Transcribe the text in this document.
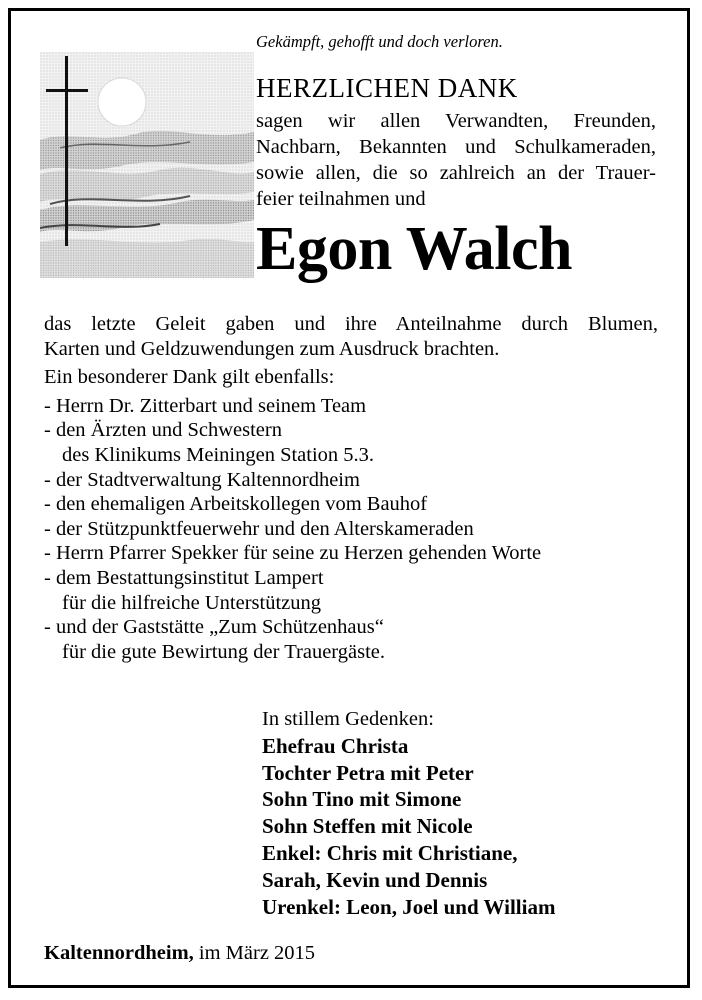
Gekämpft, gehofft und doch verloren.
HERZLICHEN DANK
sagen wir allen Verwandten, Freunden,
Nachbarn, Bekannten und Schulkameraden,
sowie allen, die so zahlreich an der Trauer-
feier teilnahmen und
Egon Walch
das letzte Geleit gaben und ihre Anteilnahme durch Blumen,
Karten und Geldzuwendungen zum Ausdruck brachten.
Ein besonderer Dank gilt ebenfalls:
- Herrn Dr. Zitterbart und seinem Team
- den Ärzten und Schwestern
des Klinikums Meiningen Station 5.3.
- der Stadtverwaltung Kaltennordheim
- den ehemaligen Arbeitskollegen vom Bauhof
- der Stützpunktfeuerwehr und den Alterskameraden
- Herrn Pfarrer Spekker für seine zu Herzen gehenden Worte
- dem Bestattungsinstitut Lampert
für die hilfreiche Unterstützung
- und der Gaststätte „Zum Schützenhaus“
für die gute Bewirtung der Trauergäste.
In stillem Gedenken:
Ehefrau Christa
Tochter Petra mit Peter
Sohn Tino mit Simone
Sohn Steffen mit Nicole
Enkel: Chris mit Christiane,
Sarah, Kevin und Dennis
Urenkel: Leon, Joel und William
Kaltennordheim, im März 2015
